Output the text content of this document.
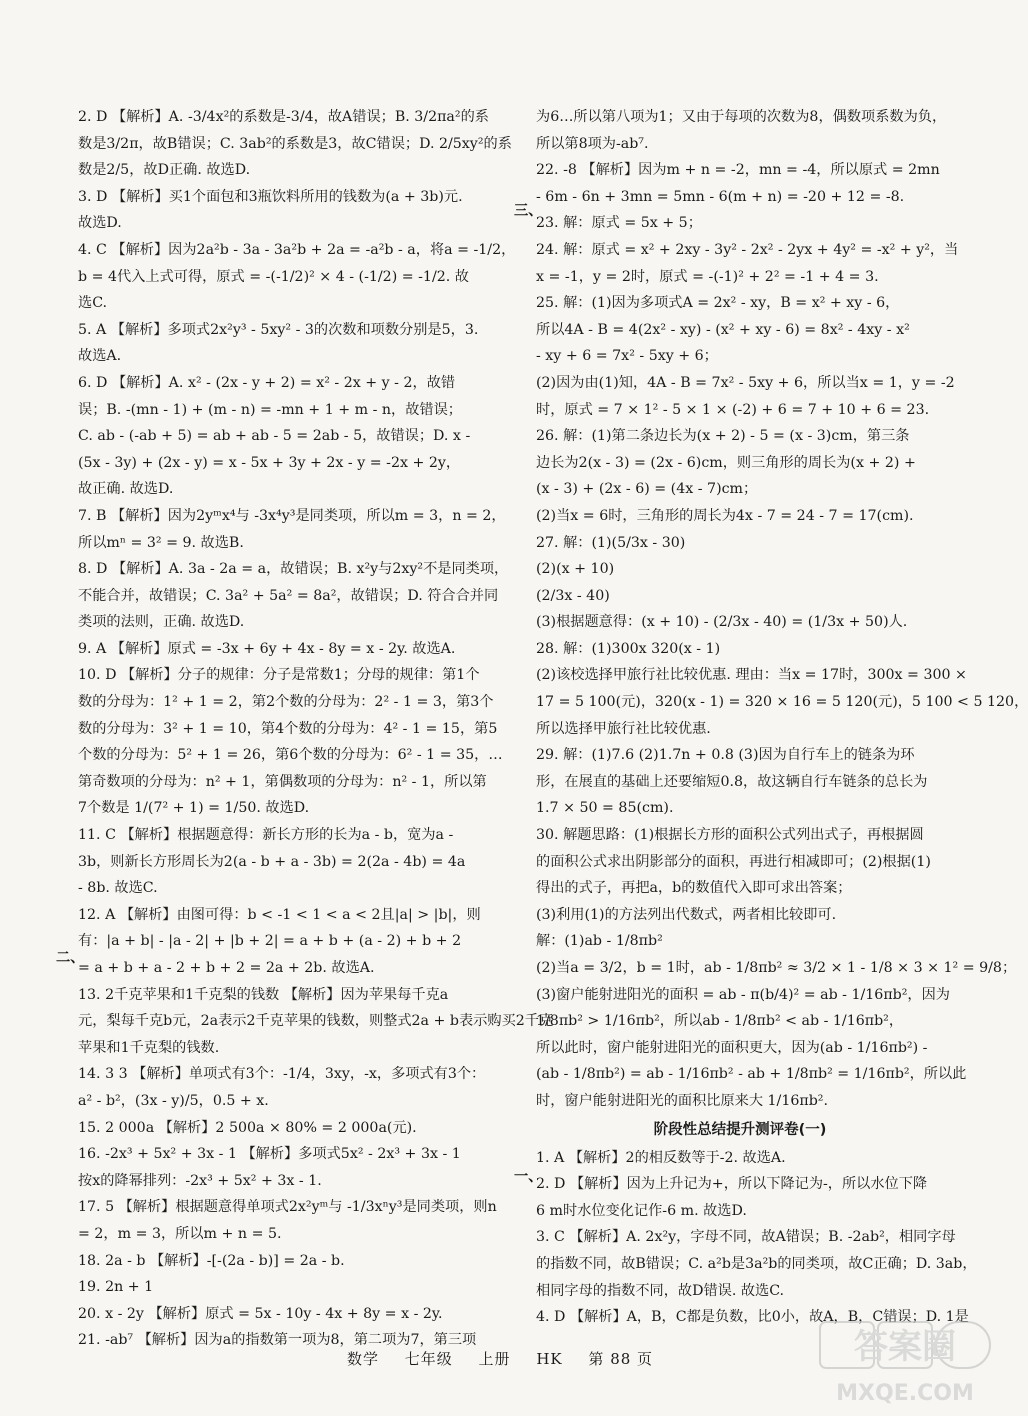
2. D 【解析】A. -3/4x²的系数是-3/4，故A错误；B. 3/2πa²的系
数是3/2π，故B错误；C. 3ab²的系数是3，故C错误；D. 2/5xy²的系
数是2/5，故D正确. 故选D.
3. D 【解析】买1个面包和3瓶饮料所用的钱数为(a + 3b)元.
故选D.
4. C 【解析】因为2a²b - 3a - 3a²b + 2a = -a²b - a，将a = -1/2，
b = 4代入上式可得，原式 = -(-1/2)² × 4 - (-1/2) = -1/2. 故
选C.
5. A 【解析】多项式2x²y³ - 5xy² - 3的次数和项数分别是5，3.
故选A.
6. D 【解析】A. x² - (2x - y + 2) = x² - 2x + y - 2，故错
误；B. -(mn - 1) + (m - n) = -mn + 1 + m - n，故错误；
C. ab - (-ab + 5) = ab + ab - 5 = 2ab - 5，故错误；D. x -
(5x - 3y) + (2x - y) = x - 5x + 3y + 2x - y = -2x + 2y，
故正确. 故选D.
7. B 【解析】因为2yᵐx⁴与 -3x⁴y³是同类项，所以m = 3，n = 2，
所以mⁿ = 3² = 9. 故选B.
8. D 【解析】A. 3a - 2a = a，故错误；B. x²y与2xy²不是同类项，
不能合并，故错误；C. 3a² + 5a² = 8a²，故错误；D. 符合合并同
类项的法则，正确. 故选D.
9. A 【解析】原式 = -3x + 6y + 4x - 8y = x - 2y. 故选A.
10. D 【解析】分子的规律：分子是常数1；分母的规律：第1个
数的分母为：1² + 1 = 2，第2个数的分母为：2² - 1 = 3，第3个
数的分母为：3² + 1 = 10，第4个数的分母为：4² - 1 = 15，第5
个数的分母为：5² + 1 = 26，第6个数的分母为：6² - 1 = 35，…
第奇数项的分母为：n² + 1，第偶数项的分母为：n² - 1，所以第
7个数是 1/(7² + 1) = 1/50. 故选D.
11. C 【解析】根据题意得：新长方形的长为a - b，宽为a -
3b，则新长方形周长为2(a - b + a - 3b) = 2(2a - 4b) = 4a
- 8b. 故选C.
12. A 【解析】由图可得：b < -1 < 1 < a < 2且|a| > |b|，则
有：|a + b| - |a - 2| + |b + 2| = a + b + (a - 2) + b + 2
= a + b + a - 2 + b + 2 = 2a + 2b. 故选A.
13. 2千克苹果和1千克梨的钱数 【解析】因为苹果每千克a
元，梨每千克b元，2a表示2千克苹果的钱数，则整式2a + b表示购买2千克
苹果和1千克梨的钱数.
14. 3 3 【解析】单项式有3个：-1/4，3xy，-x，多项式有3个：
a² - b²，(3x - y)/5，0.5 + x.
15. 2 000a 【解析】2 500a × 80% = 2 000a(元).
16. -2x³ + 5x² + 3x - 1 【解析】多项式5x² - 2x³ + 3x - 1
按x的降幂排列：-2x³ + 5x² + 3x - 1.
17. 5 【解析】根据题意得单项式2x²yᵐ与 -1/3xⁿy³是同类项，则n
= 2，m = 3，所以m + n = 5.
18. 2a - b 【解析】-[-(2a - b)] = 2a - b.
19. 2n + 1
20. x - 2y 【解析】原式 = 5x - 10y - 4x + 8y = x - 2y.
21. -ab⁷ 【解析】因为a的指数第一项为8，第二项为7，第三项
为6…所以第八项为1；又由于每项的次数为8，偶数项系数为负，
所以第8项为-ab⁷.
22. -8 【解析】因为m + n = -2，mn = -4，所以原式 = 2mn
- 6m - 6n + 3mn = 5mn - 6(m + n) = -20 + 12 = -8.
23. 解：原式 = 5x + 5；
24. 解：原式 = x² + 2xy - 3y² - 2x² - 2yx + 4y² = -x² + y²，当
x = -1，y = 2时，原式 = -(-1)² + 2² = -1 + 4 = 3.
25. 解：(1)因为多项式A = 2x² - xy，B = x² + xy - 6，
所以4A - B = 4(2x² - xy) - (x² + xy - 6) = 8x² - 4xy - x²
- xy + 6 = 7x² - 5xy + 6；
(2)因为由(1)知，4A - B = 7x² - 5xy + 6，所以当x = 1，y = -2
时，原式 = 7 × 1² - 5 × 1 × (-2) + 6 = 7 + 10 + 6 = 23.
26. 解：(1)第二条边长为(x + 2) - 5 = (x - 3)cm，第三条
边长为2(x - 3) = (2x - 6)cm，则三角形的周长为(x + 2) +
(x - 3) + (2x - 6) = (4x - 7)cm；
(2)当x = 6时，三角形的周长为4x - 7 = 24 - 7 = 17(cm).
27. 解：(1)(5/3x - 30)
(2)(x + 10)
(2/3x - 40)
(3)根据题意得：(x + 10) - (2/3x - 40) = (1/3x + 50)人.
28. 解：(1)300x 320(x - 1)
(2)该校选择甲旅行社比较优惠. 理由：当x = 17时，300x = 300 ×
17 = 5 100(元)，320(x - 1) = 320 × 16 = 5 120(元)，5 100 < 5 120，
所以选择甲旅行社比较优惠.
29. 解：(1)7.6 (2)1.7n + 0.8 (3)因为自行车上的链条为环
形，在展直的基础上还要缩短0.8，故这辆自行车链条的总长为
1.7 × 50 = 85(cm).
30. 解题思路：(1)根据长方形的面积公式列出式子，再根据圆
的面积公式求出阴影部分的面积，再进行相减即可；(2)根据(1)
得出的式子，再把a，b的数值代入即可求出答案；
(3)利用(1)的方法列出代数式，两者相比较即可.
解：(1)ab - 1/8πb²
(2)当a = 3/2，b = 1时，ab - 1/8πb² ≈ 3/2 × 1 - 1/8 × 3 × 1² = 9/8；
(3)窗户能射进阳光的面积 = ab - π(b/4)² = ab - 1/16πb²，因为
1/8πb² > 1/16πb²，所以ab - 1/8πb² < ab - 1/16πb²，
所以此时，窗户能射进阳光的面积更大，因为(ab - 1/16πb²) -
(ab - 1/8πb²) = ab - 1/16πb² - ab + 1/8πb² = 1/16πb²，所以此
时，窗户能射进阳光的面积比原来大 1/16πb².
阶段性总结提升测评卷(一)
1. A 【解析】2的相反数等于-2. 故选A.
2. D 【解析】因为上升记为+，所以下降记为-，所以水位下降
6 m时水位变化记作-6 m. 故选D.
3. C 【解析】A. 2x²y，字母不同，故A错误；B. -2ab²，相同字母
的指数不同，故B错误；C. a²b是3a²b的同类项，故C正确；D. 3ab，
相同字母的指数不同，故D错误. 故选C.
4. D 【解析】A，B，C都是负数，比0小，故A，B，C错误；D. 1是
二、
三、
一、
数学 七年级 上册 HK 第 88 页	答案圈
MXQE.COM
